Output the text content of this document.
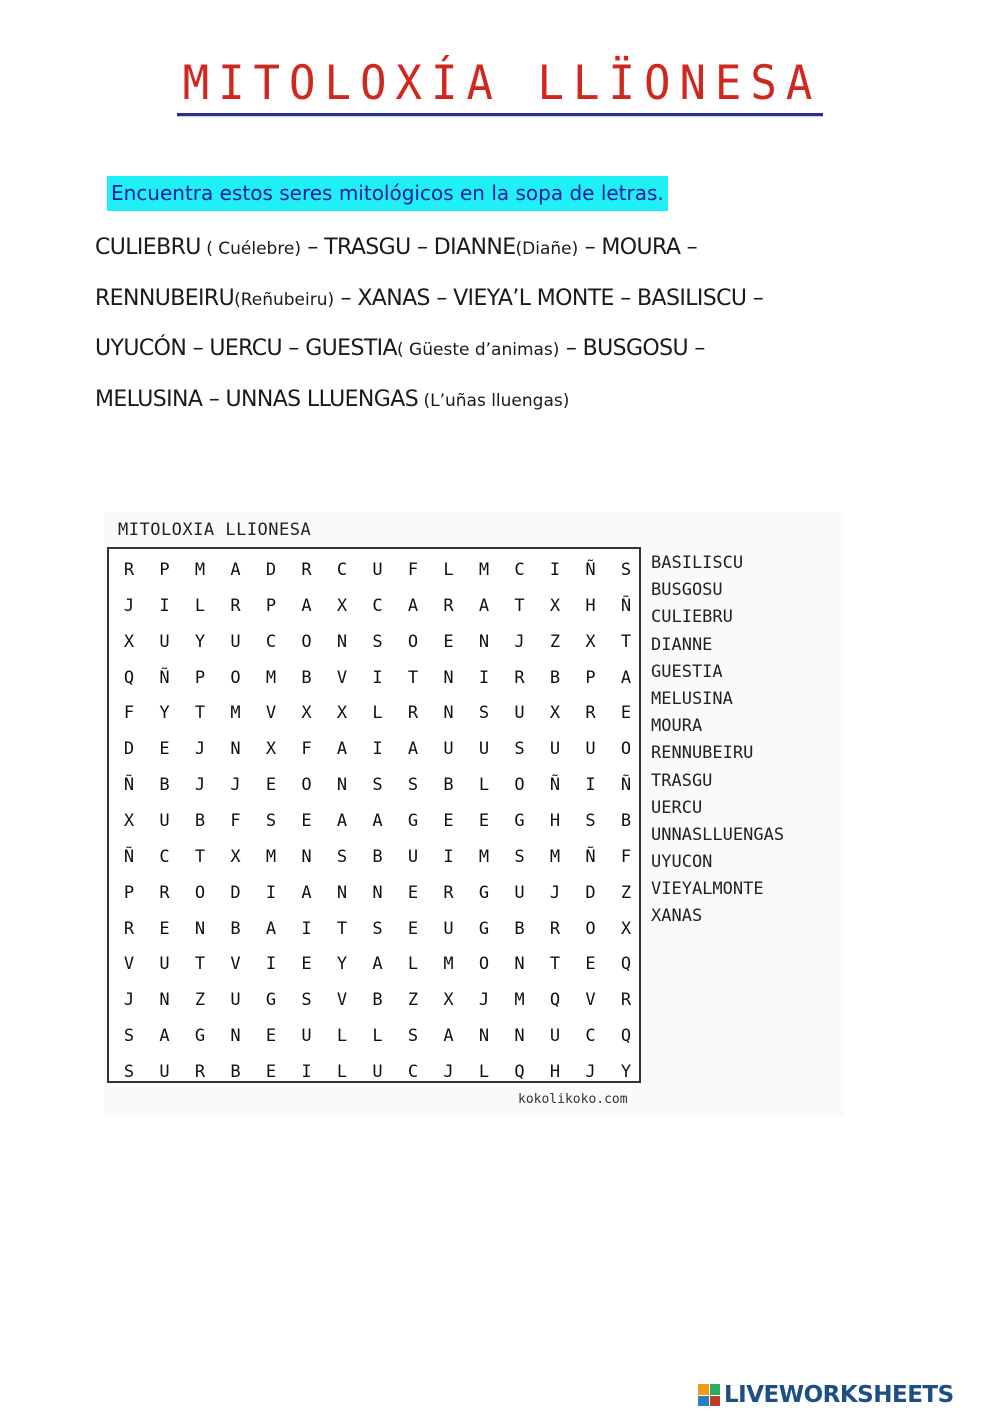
MITOLOXÍA LLÏONESA
Encuentra estos seres mitológicos en la sopa de letras.
CULIEBRU ( Cuélebre) – TRASGU – DIANNE(Diañe) – MOURA –
RENNUBEIRU(Reñubeiru) – XANAS – VIEYA’L MONTE – BASILISCU –
UYUCÓN – UERCU – GUESTIA( Güeste d’animas) – BUSGOSU –
MELUSINA – UNNAS LLUENGAS (L’uñas lluengas)
MITOLOXIA LLIONESA
R	P	M	A	D	R	C	U	F	L	M	C	I	Ñ	S
J	I	L	R	P	A	X	C	A	R	A	T	X	H	Ñ
X	U	Y	U	C	O	N	S	O	E	N	J	Z	X	T
Q	Ñ	P	O	M	B	V	I	T	N	I	R	B	P	A
F	Y	T	M	V	X	X	L	R	N	S	U	X	R	E
D	E	J	N	X	F	A	I	A	U	U	S	U	U	O
Ñ	B	J	J	E	O	N	S	S	B	L	O	Ñ	I	Ñ
X	U	B	F	S	E	A	A	G	E	E	G	H	S	B
Ñ	C	T	X	M	N	S	B	U	I	M	S	M	Ñ	F
P	R	O	D	I	A	N	N	E	R	G	U	J	D	Z
R	E	N	B	A	I	T	S	E	U	G	B	R	O	X
V	U	T	V	I	E	Y	A	L	M	O	N	T	E	Q
J	N	Z	U	G	S	V	B	Z	X	J	M	Q	V	R
S	A	G	N	E	U	L	L	S	A	N	N	U	C	Q
S	U	R	B	E	I	L	U	C	J	L	Q	H	J	Y
BASILISCU
BUSGOSU
CULIEBRU
DIANNE
GUESTIA
MELUSINA
MOURA
RENNUBEIRU
TRASGU
UERCU
UNNASLLUENGAS
UYUCON
VIEYALMONTE
XANAS
kokolikoko.com
LIVEWORKSHEETS
